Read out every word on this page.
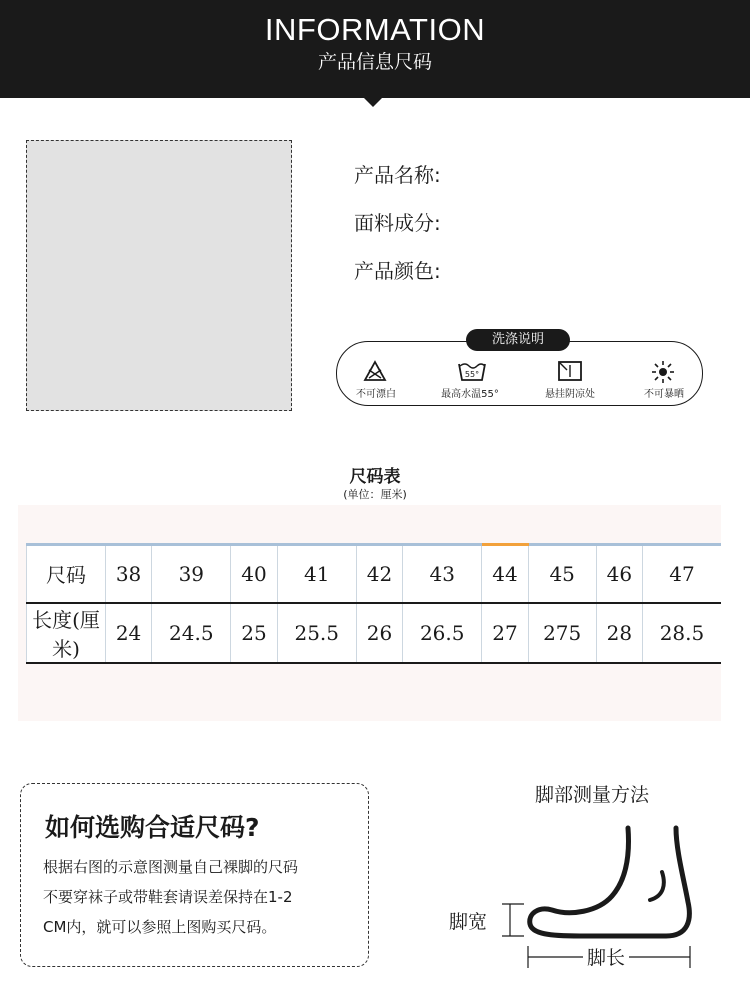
INFORMATION
产品信息尺码
产品名称:
面料成分:
产品颜色:
不可漂白
55°
最高水温55°	悬挂阴凉处	不可暴晒
洗涤说明
尺码表
(单位：厘米)
尺码	38	39	40	41	42	43	44	45	46	47
长度(厘米)	24	24.5	25	25.5	26	26.5	27	275	28	28.5
如何选购合适尺码?
根据右图的示意图测量自己裸脚的尺码
不要穿袜子或带鞋套请误差保持在1-2
CM内，就可以参照上图购买尺码。
脚部测量方法
脚宽
脚长
